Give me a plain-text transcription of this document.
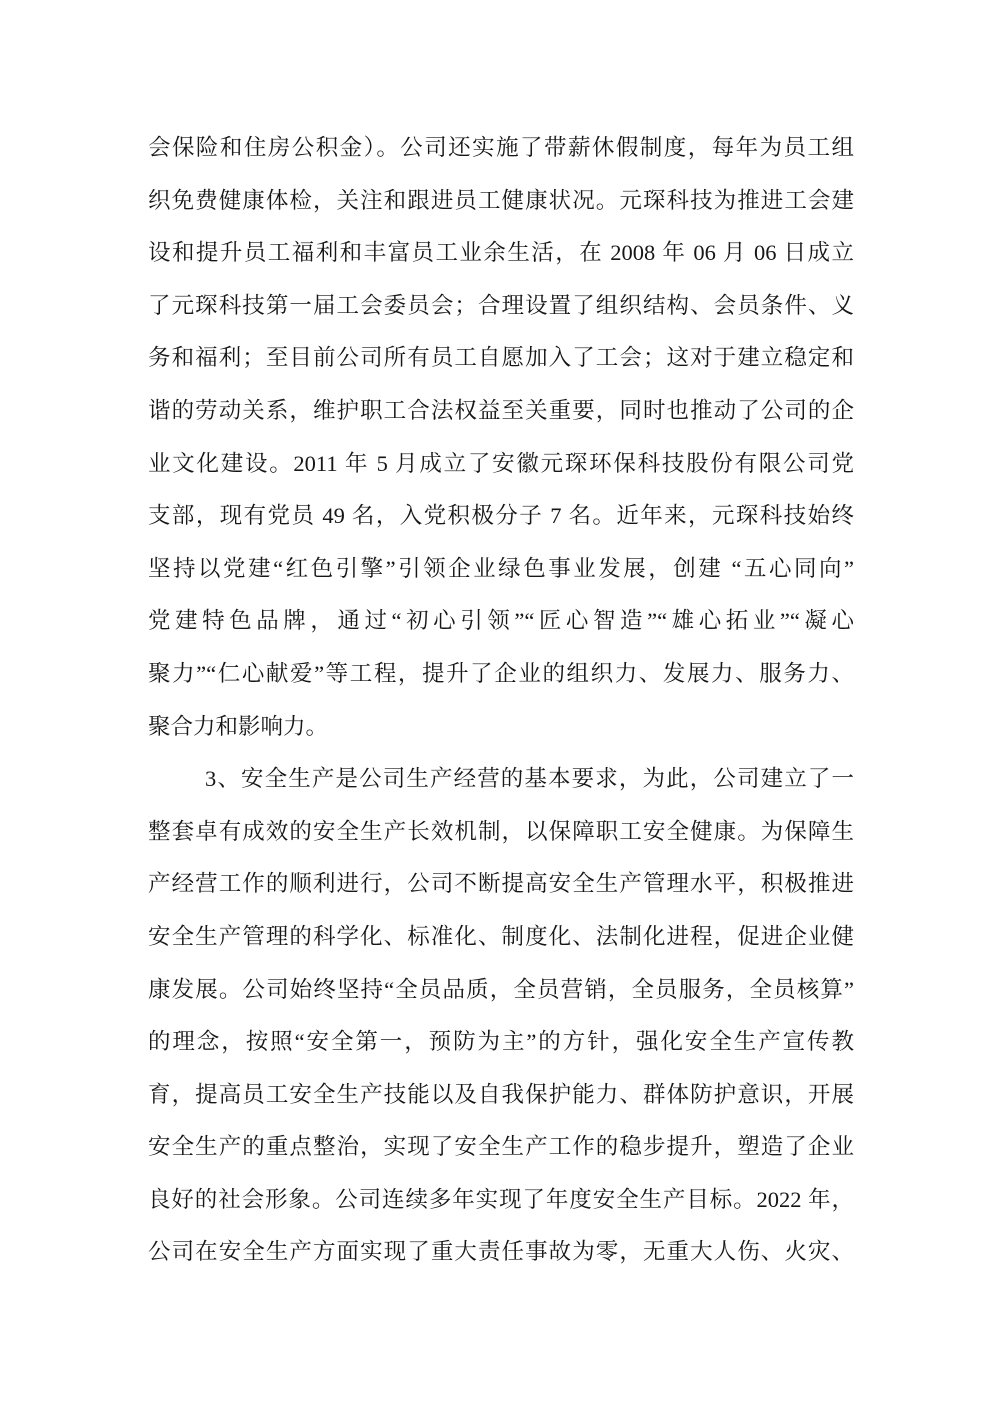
会保险和住房公积金）。公司还实施了带薪休假制度，每年为员工组
织免费健康体检，关注和跟进员工健康状况。元琛科技为推进工会建
设和提升员工福利和丰富员工业余生活，在 2008 年 06 月 06 日成立
了元琛科技第一届工会委员会；合理设置了组织结构、会员条件、义
务和福利；至目前公司所有员工自愿加入了工会；这对于建立稳定和
谐的劳动关系，维护职工合法权益至关重要，同时也推动了公司的企
业文化建设。2011 年 5 月成立了安徽元琛环保科技股份有限公司党
支部，现有党员 49 名，入党积极分子 7 名。近年来，元琛科技始终
坚持以党建“红色引擎”引领企业绿色事业发展，创建 “五心同向”
党建特色品牌，通过“初心引领”“匠心智造”“雄心拓业”“凝心
聚力”“仁心献爱”等工程，提升了企业的组织力、发展力、服务力、
聚合力和影响力。
3、安全生产是公司生产经营的基本要求，为此，公司建立了一
整套卓有成效的安全生产长效机制，以保障职工安全健康。为保障生
产经营工作的顺利进行，公司不断提高安全生产管理水平，积极推进
安全生产管理的科学化、标准化、制度化、法制化进程，促进企业健
康发展。公司始终坚持“全员品质，全员营销，全员服务，全员核算”
的理念，按照“安全第一，预防为主”的方针，强化安全生产宣传教
育，提高员工安全生产技能以及自我保护能力、群体防护意识，开展
安全生产的重点整治，实现了安全生产工作的稳步提升，塑造了企业
良好的社会形象。公司连续多年实现了年度安全生产目标。2022 年，
公司在安全生产方面实现了重大责任事故为零，无重大人伤、火灾、
